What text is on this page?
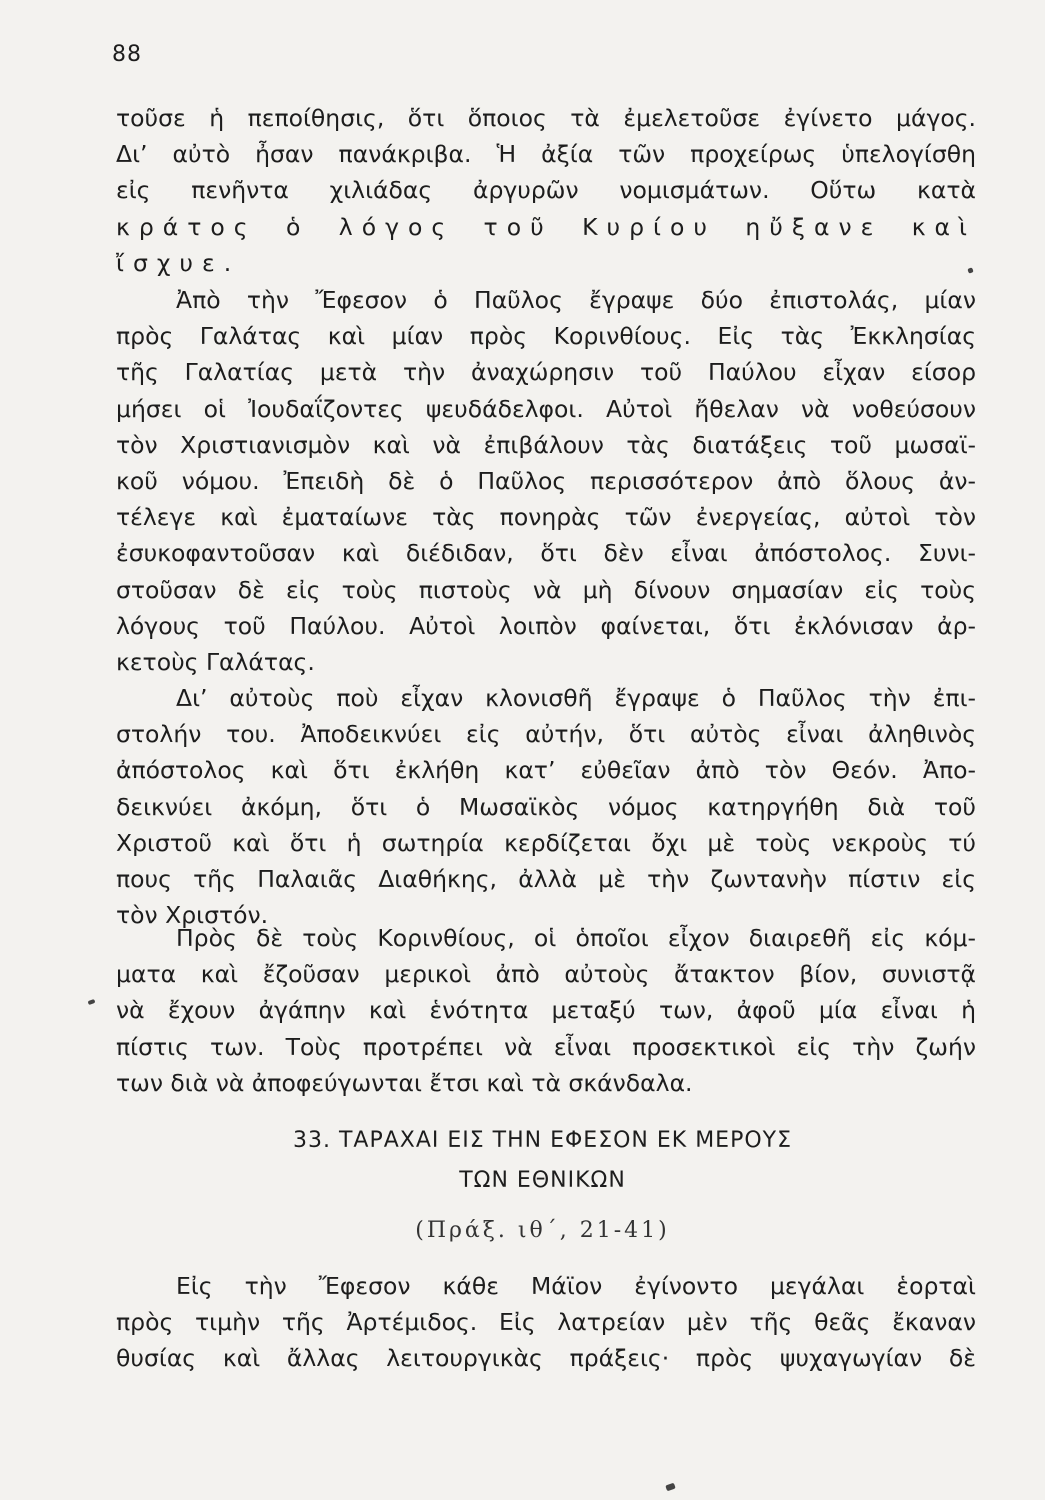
88
τοῦσε ἡ πεποίθησις, ὅτι ὅποιος τὰ ἐμελετοῦσε ἐγίνετο μάγος.
Δι’ αὐτὸ ἦσαν πανάκριβα. Ἡ ἀξία τῶν προχείρως ὑπελογίσθη
εἰς πενῆντα χιλιάδας ἀργυρῶν νομισμάτων. Οὕτω κατὰ
κράτος ὁ λόγος τοῦ Κυρίου ηὔξανε καὶ
ἴσχυε.
Ἀπὸ τὴν Ἔφεσον ὁ Παῦλος ἔγραψε δύο ἐπιστολάς, μίαν
πρὸς Γαλάτας καὶ μίαν πρὸς Κορινθίους. Εἰς τὰς Ἐκκλησίας
τῆς Γαλατίας μετὰ τὴν ἀναχώρησιν τοῦ Παύλου εἶχαν είσορ
μήσει οἱ Ἰουδαΐζοντες ψευδάδελφοι. Αὐτοὶ ἤθελαν νὰ νοθεύσουν
τὸν Χριστιανισμὸν καὶ νὰ ἐπιβάλουν τὰς διατάξεις τοῦ μωσαϊ-
κοῦ νόμου. Ἐπειδὴ δὲ ὁ Παῦλος περισσότερον ἀπὸ ὅλους ἀν-
τέλεγε καὶ ἐματαίωνε τὰς πονηρὰς τῶν ἐνεργείας, αὐτοὶ τὸν
ἐσυκοφαντοῦσαν καὶ διέδιδαν, ὅτι δὲν εἶναι ἀπόστολος. Συνι-
στοῦσαν δὲ εἰς τοὺς πιστοὺς νὰ μὴ δίνουν σημασίαν εἰς τοὺς
λόγους τοῦ Παύλου. Αὐτοὶ λοιπὸν φαίνεται, ὅτι ἐκλόνισαν ἀρ-
κετοὺς Γαλάτας.
Δι’ αὐτοὺς ποὺ εἶχαν κλονισθῆ ἔγραψε ὁ Παῦλος τὴν ἐπι-
στολήν του. Ἀποδεικνύει εἰς αὐτήν, ὅτι αὐτὸς εἶναι ἀληθινὸς
ἀπόστολος καὶ ὅτι ἐκλήθη κατ’ εὐθεῖαν ἀπὸ τὸν Θεόν. Ἀπο-
δεικνύει ἀκόμη, ὅτι ὁ Μωσαϊκὸς νόμος κατηργήθη διὰ τοῦ
Χριστοῦ καὶ ὅτι ἡ σωτηρία κερδίζεται ὄχι μὲ τοὺς νεκροὺς τύ
πους τῆς Παλαιᾶς Διαθήκης, ἀλλὰ μὲ τὴν ζωντανὴν πίστιν εἰς
τὸν Χριστόν.
Πρὸς δὲ τοὺς Κορινθίους, οἱ ὁποῖοι εἶχον διαιρεθῆ εἰς κόμ-
ματα καὶ ἔζοῦσαν μερικοὶ ἀπὸ αὐτοὺς ἄτακτον βίον, συνιστᾷ
νὰ ἔχουν ἀγάπην καὶ ἑνότητα μεταξύ των, ἀφοῦ μία εἶναι ἡ
πίστις των. Τοὺς προτρέπει νὰ εἶναι προσεκτικοὶ εἰς τὴν ζωήν
των διὰ νὰ ἀποφεύγωνται ἔτσι καὶ τὰ σκάνδαλα.
33. ΤΑΡΑΧΑΙ ΕΙΣ ΤΗΝ ΕΦΕΣΟΝ ΕΚ ΜΕΡΟΥΣ
ΤΩΝ ΕΘΝΙΚΩΝ
(Πράξ. ιθ΄, 21-41)
Εἰς τὴν Ἔφεσον κάθε Μάϊον ἐγίνοντο μεγάλαι ἑορταὶ
πρὸς τιμὴν τῆς Ἀρτέμιδος. Εἰς λατρείαν μὲν τῆς θεᾶς ἔκαναν
θυσίας καὶ ἄλλας λειτουργικὰς πράξεις· πρὸς ψυχαγωγίαν δὲ
